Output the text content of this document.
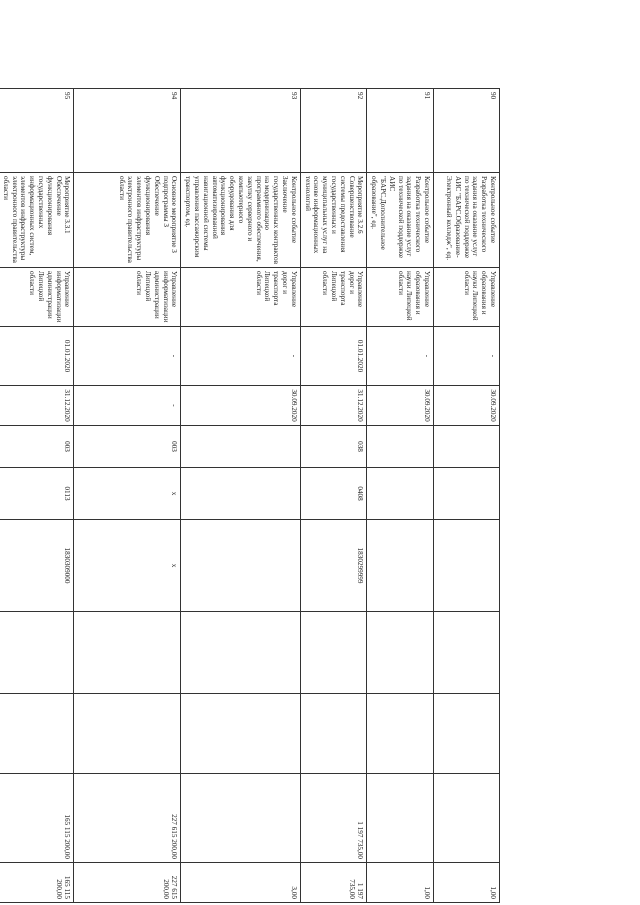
90	Контрольное событие Разработка технического задания на оказание услуг по технической поддержке АИС "БАРС.Образование-Электронный колледж", ед.	Управление образования и науки Липецкой области	-	30.09.2020							1,00
91	Контрольное событие Разработка технического задания на оказание услуг по технической поддержке АИС "БАРС.Дополнительное образование", ед.	Управление образования и науки Липецкой области	-	30.09.2020							1,00
92	Мероприятие 3.2.6 Совершенствование системы предоставления государственных и муниципальных услуг на основе информационных технологий	Управление дорог и транспорта Липецкой области	01.01.2020	31.12.2020	038	0408	1830299999			1 197 735,00	1 197 735,00
93	Контрольное событие Заключение государственных контрактов на модернизацию программного обеспечения, закупку серверного и компьютерного оборудования для функционирования автоматизированной навигационной системы управления пассажирским транспортом, ед.	Управление дорог и транспорта Липецкой области	-	30.09.2020							3,00
94	Основное мероприятие 3 подпрограммы 3 Обеспечение функционирования элементов инфраструктуры электронного правительства области	Управление информатизации администрации Липецкой области	-	-	003	х	х			227 615 200,00	227 615 200,00
95	Мероприятие 3.3.1 Обеспечение функционирования государственных информационных систем, элементов инфраструктуры электронного правительства области	Управление информатизации администрации Липецкой области	01.01.2020	31.12.2020	003	0113	1830309000			165 115 200,00	165 115 200,00
